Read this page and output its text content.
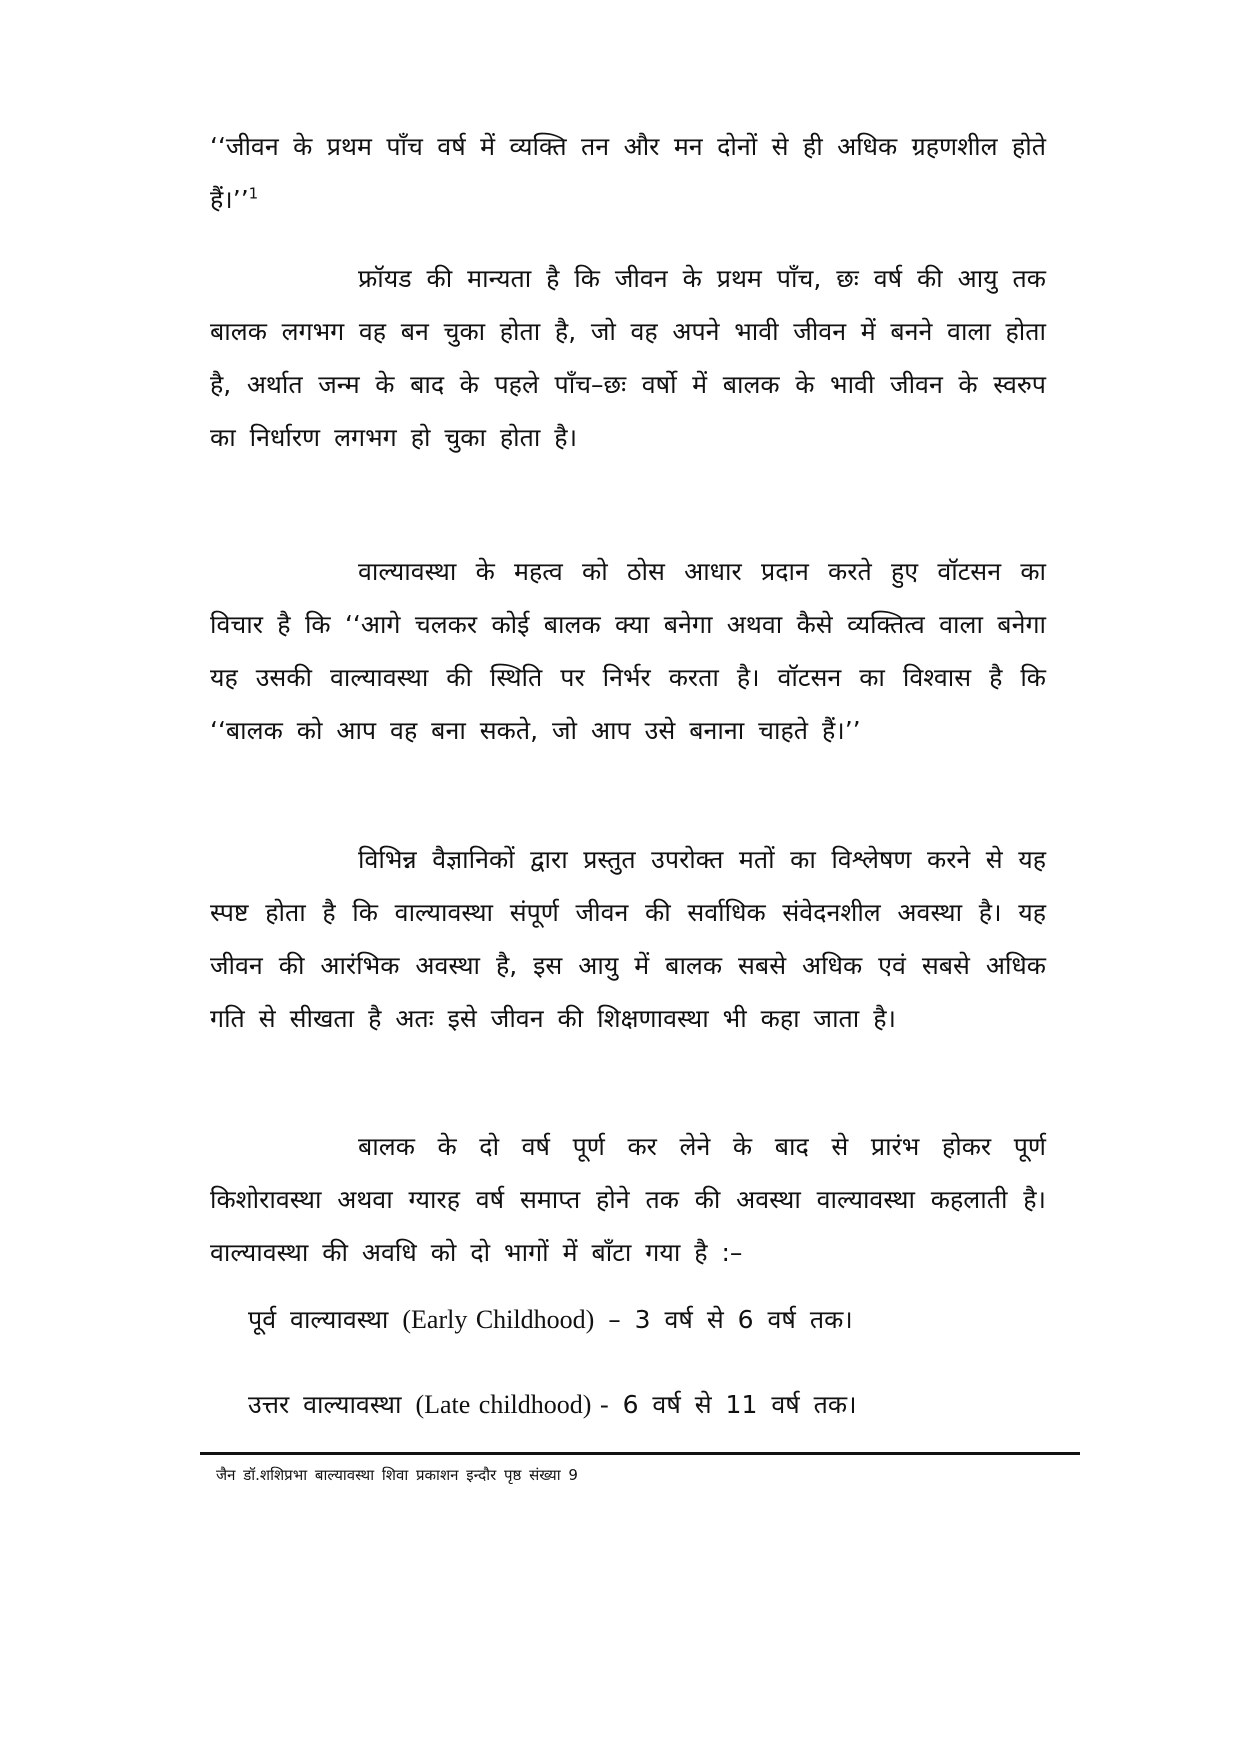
‘‘जीवन के प्रथम पाँच वर्ष में व्यक्ति तन और मन दोनों से ही अधिक ग्रहणशील होते हैं।’’$^1$

फ्रॉयड की मान्यता है कि जीवन के प्रथम पाँच, छः वर्ष की आयु तक बालक लगभग वह बन चुका होता है, जो वह अपने भावी जीवन में बनने वाला होता है, अर्थात जन्म के बाद के पहले पाँच–छः वर्षो में बालक के भावी जीवन के स्वरुप का निर्धारण लगभग हो चुका होता है।

वाल्यावस्था के महत्व को ठोस आधार प्रदान करते हुए वॉटसन का विचार है कि ‘‘आगे चलकर कोई बालक क्या बनेगा अथवा कैसे व्यक्तित्व वाला बनेगा यह उसकी वाल्यावस्था की स्थिति पर निर्भर करता है। वॉटसन का विश्वास है कि ‘‘बालक को आप वह बना सकते, जो आप उसे बनाना चाहते हैं।’’

विभिन्न वैज्ञानिकों द्वारा प्रस्तुत उपरोक्त मतों का विश्लेषण करने से यह स्पष्ट होता है कि वाल्यावस्था संपूर्ण जीवन की सर्वाधिक संवेदनशील अवस्था है। यह जीवन की आरंभिक अवस्था है, इस आयु में बालक सबसे अधिक एवं सबसे अधिक गति से सीखता है अतः इसे जीवन की शिक्षणावस्था भी कहा जाता है।

बालक के दो वर्ष पूर्ण कर लेने के बाद से प्रारंभ होकर पूर्ण किशोरावस्था अथवा ग्यारह वर्ष समाप्त होने तक की अवस्था वाल्यावस्था कहलाती है। वाल्यावस्था की अवधि को दो भागों में बाँटा गया है :–

पूर्व वाल्यावस्था (Early Childhood) – 3 वर्ष से 6 वर्ष तक।
उत्तर वाल्यावस्था (Late childhood) - 6 वर्ष से 11 वर्ष तक।
जैन डॉ.शशिप्रभा बाल्यावस्था शिवा प्रकाशन इन्दौर पृष्ठ संख्या 9
